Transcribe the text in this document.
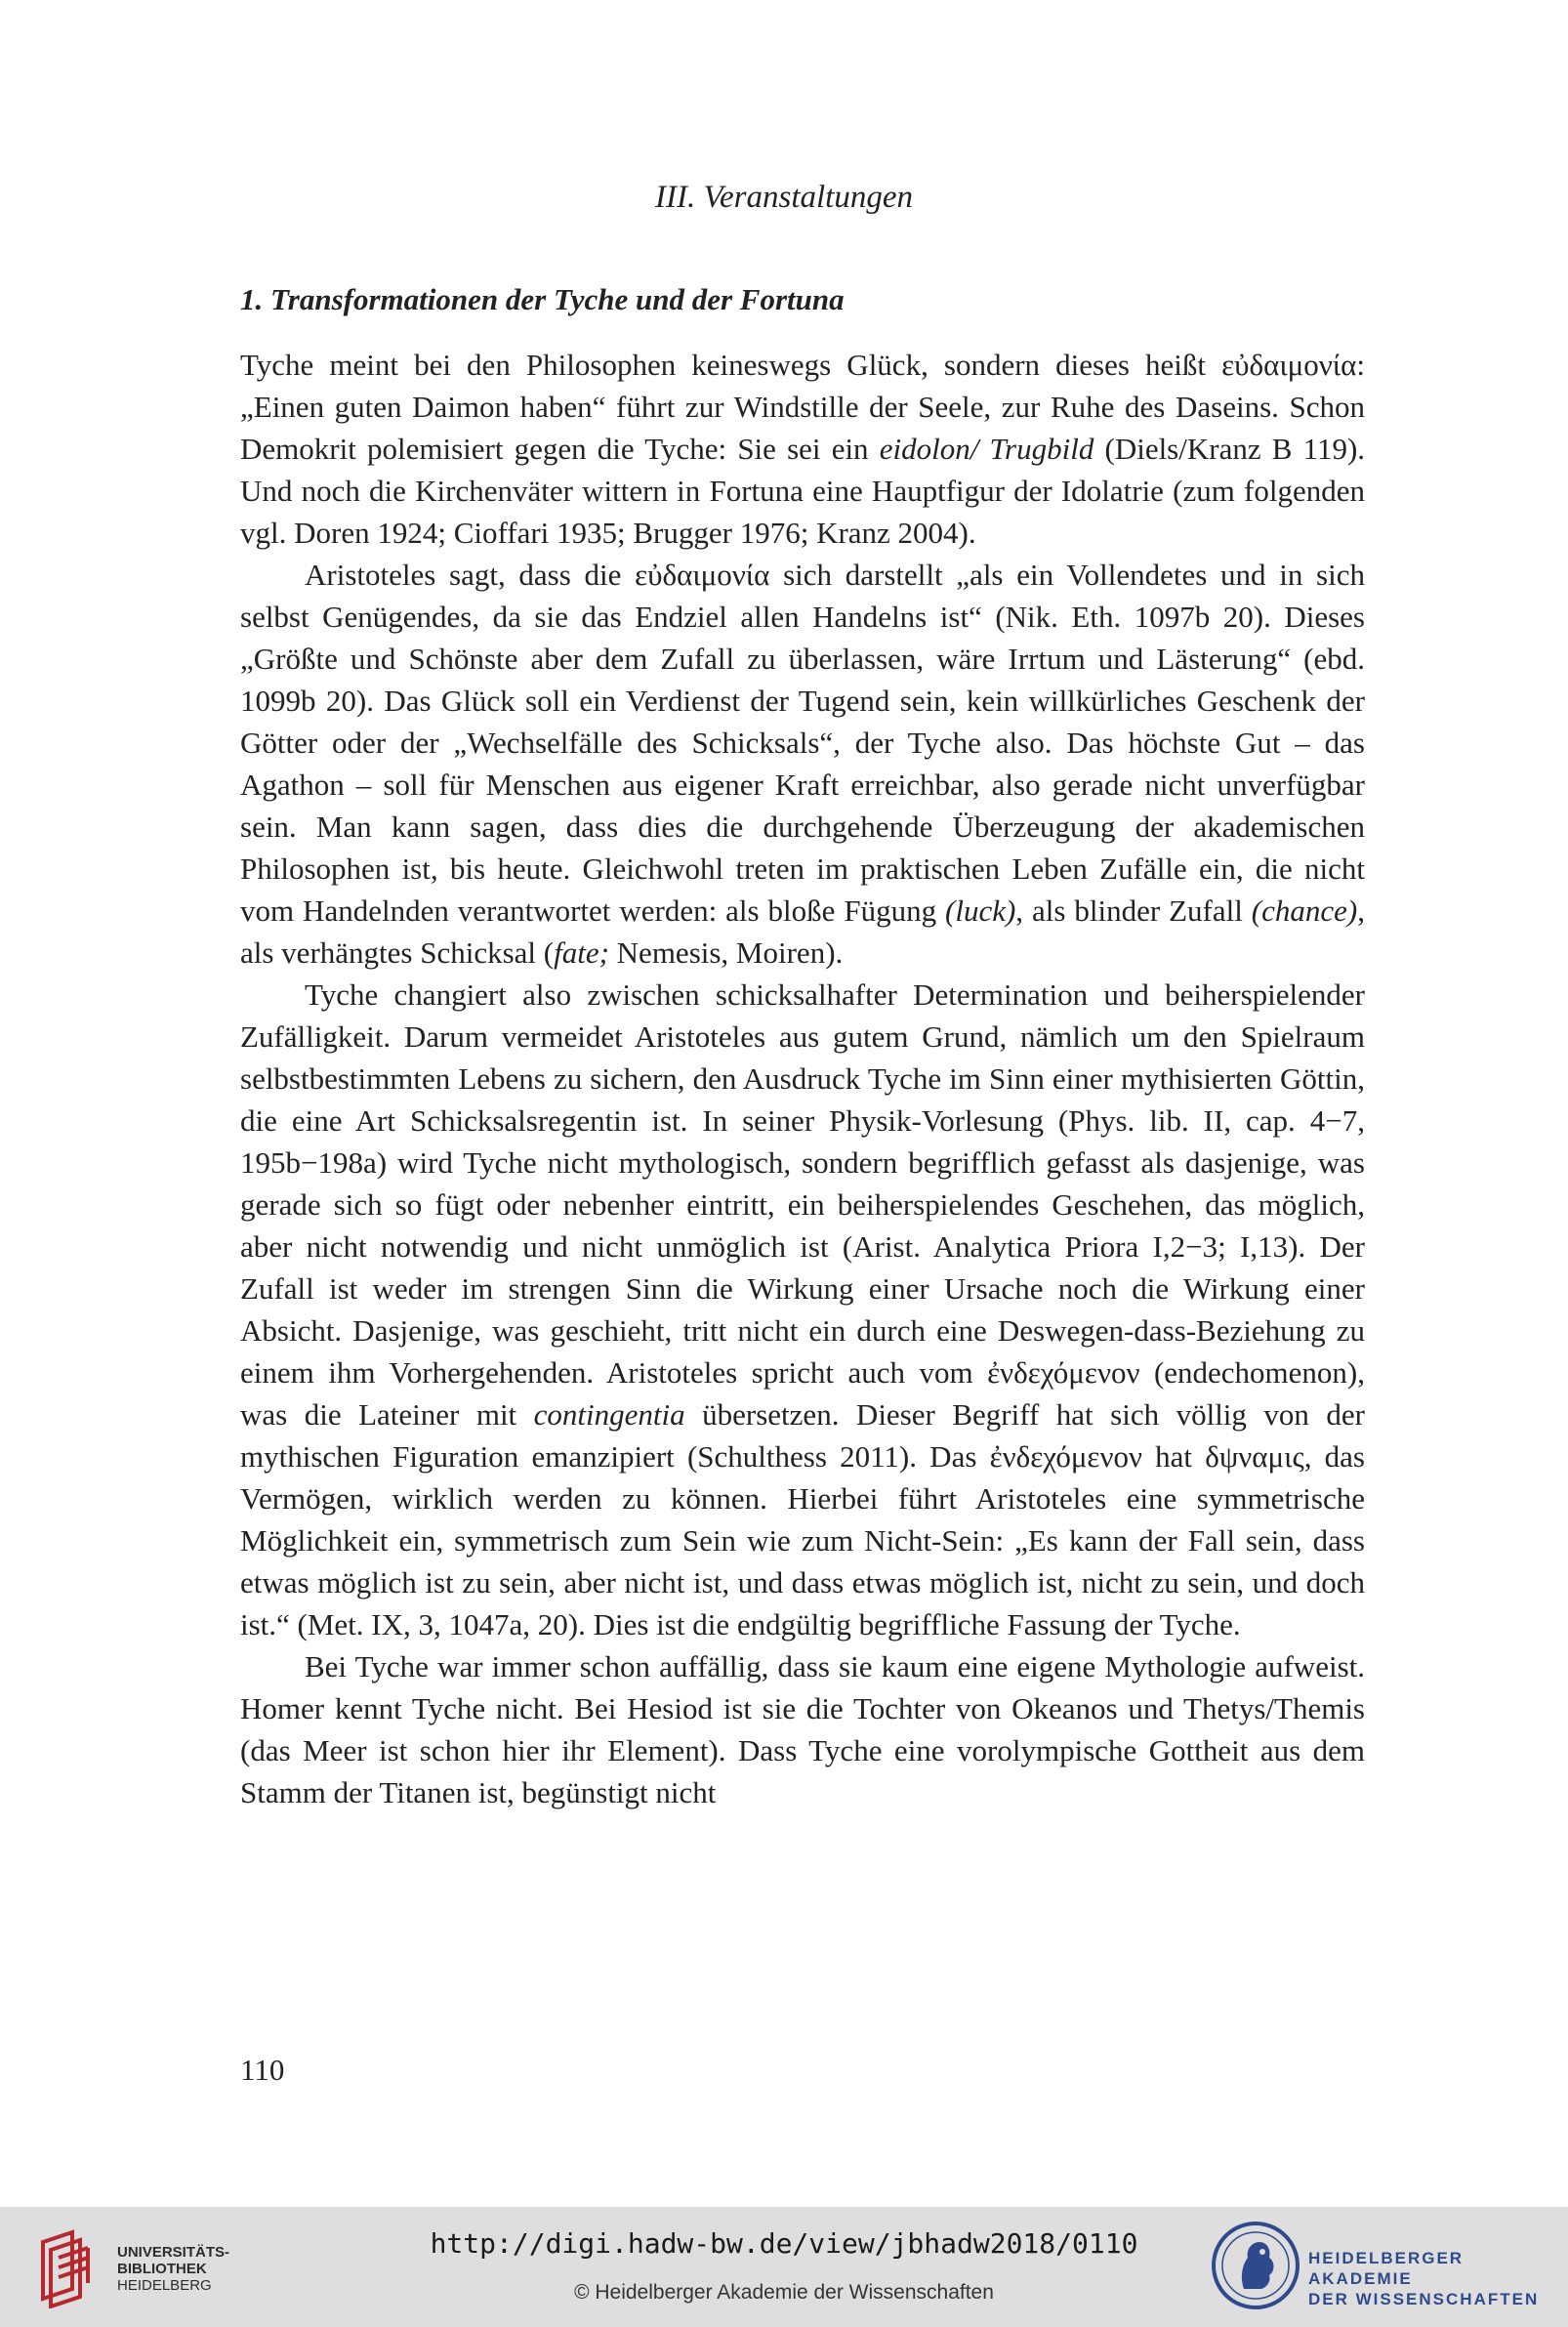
III. Veranstaltungen
1. Transformationen der Tyche und der Fortuna

Tyche meint bei den Philosophen keineswegs Glück, sondern dieses heißt εὐδαιμονία: „Einen guten Daimon haben“ führt zur Windstille der Seele, zur Ruhe des Daseins. Schon Demokrit polemisiert gegen die Tyche: Sie sei ein eidolon/ Trugbild (Diels/Kranz B 119). Und noch die Kirchenväter wittern in Fortuna eine Hauptfigur der Idolatrie (zum folgenden vgl. Doren 1924; Cioffari 1935; Brugger 1976; Kranz 2004).

Aristoteles sagt, dass die εὐδαιμονία sich darstellt „als ein Vollendetes und in sich selbst Genügendes, da sie das Endziel allen Handelns ist“ (Nik. Eth. 1097b 20). Dieses „Größte und Schönste aber dem Zufall zu überlassen, wäre Irrtum und Lästerung“ (ebd. 1099b 20). Das Glück soll ein Verdienst der Tugend sein, kein willkürliches Geschenk der Götter oder der „Wechselfälle des Schicksals“, der Tyche also. Das höchste Gut – das Agathon – soll für Menschen aus eigener Kraft erreichbar, also gerade nicht unverfügbar sein. Man kann sagen, dass dies die durchgehende Überzeugung der akademischen Philosophen ist, bis heute. Gleichwohl treten im praktischen Leben Zufälle ein, die nicht vom Handelnden verantwortet werden: als bloße Fügung (luck), als blinder Zufall (chance), als verhängtes Schicksal (fate; Nemesis, Moiren).

Tyche changiert also zwischen schicksalhafter Determination und beiherspielender Zufälligkeit. Darum vermeidet Aristoteles aus gutem Grund, nämlich um den Spielraum selbstbestimmten Lebens zu sichern, den Ausdruck Tyche im Sinn einer mythisierten Göttin, die eine Art Schicksalsregentin ist. In seiner Physik-Vorlesung (Phys. lib. II, cap. 4−7, 195b−198a) wird Tyche nicht mythologisch, sondern begrifflich gefasst als dasjenige, was gerade sich so fügt oder nebenher eintritt, ein beiherspielendes Geschehen, das möglich, aber nicht notwendig und nicht unmöglich ist (Arist. Analytica Priora I,2−3; I,13). Der Zufall ist weder im strengen Sinn die Wirkung einer Ursache noch die Wirkung einer Absicht. Dasjenige, was geschieht, tritt nicht ein durch eine Deswegen-dass-Beziehung zu einem ihm Vorhergehenden. Aristoteles spricht auch vom ἐνδεχόμενον (endechomenon), was die Lateiner mit contingentia übersetzen. Dieser Begriff hat sich völlig von der mythischen Figuration emanzipiert (Schulthess 2011). Das ἐνδεχόμενον hat δψναμις, das Vermögen, wirklich werden zu können. Hierbei führt Aristoteles eine symmetrische Möglichkeit ein, symmetrisch zum Sein wie zum Nicht-Sein: „Es kann der Fall sein, dass etwas möglich ist zu sein, aber nicht ist, und dass etwas möglich ist, nicht zu sein, und doch ist.“ (Met. IX, 3, 1047a, 20). Dies ist die endgültig begriffliche Fassung der Tyche.

Bei Tyche war immer schon auffällig, dass sie kaum eine eigene Mythologie aufweist. Homer kennt Tyche nicht. Bei Hesiod ist sie die Tochter von Okeanos und Thetys/Themis (das Meer ist schon hier ihr Element). Dass Tyche eine vorolympische Gottheit aus dem Stamm der Titanen ist, begünstigt nicht

110
UNIVERSITÄTS-
BIBLIOTHEK
HEIDELBERG
http://digi.hadw-bw.de/view/jbhadw2018/0110
© Heidelberger Akademie der Wissenschaften
HEIDELBERGER AKADEMIE
DER WISSENSCHAFTEN
